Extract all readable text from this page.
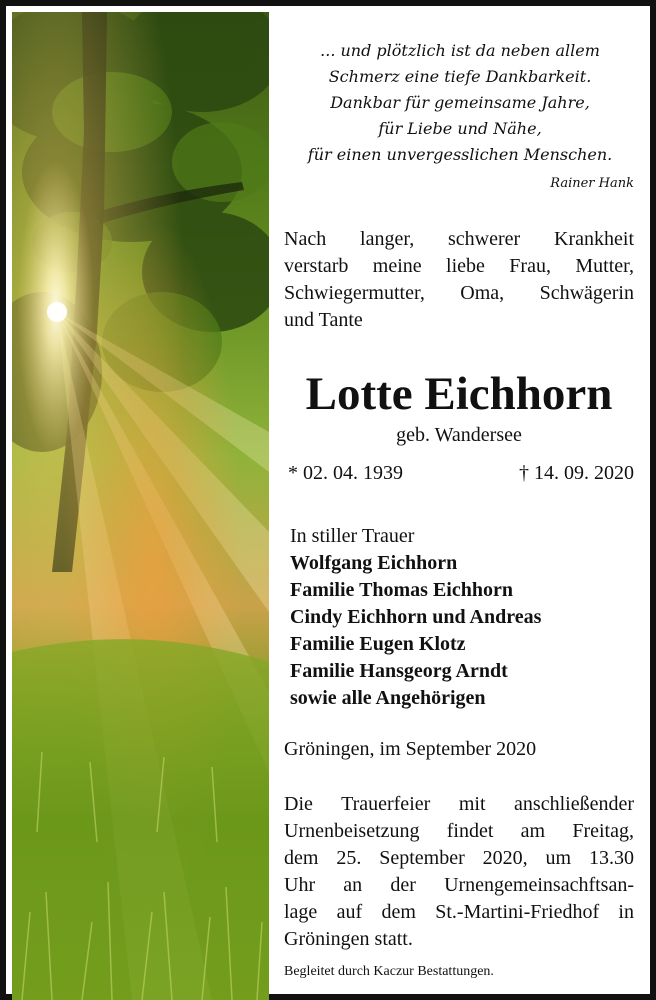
... und plötzlich ist da neben allem
Schmerz eine tiefe Dankbarkeit.
Dankbar für gemeinsame Jahre,
für Liebe und Nähe,
für einen unvergesslichen Menschen.
Rainer Hank
Nach langer, schwerer Krankheit
verstarb meine liebe Frau, Mutter,
Schwiegermutter, Oma, Schwägerin
und Tante
Lotte Eichhorn
geb. Wandersee
* 02. 04. 1939	† 14. 09. 2020
In stiller Trauer
Wolfgang Eichhorn
Familie Thomas Eichhorn
Cindy Eichhorn und Andreas
Familie Eugen Klotz
Familie Hansgeorg Arndt
sowie alle Angehörigen
Gröningen, im September 2020
Die Trauerfeier mit anschließender
Urnenbeisetzung findet am Freitag,
dem 25. September 2020, um 13.30
Uhr an der Urnengemeinsachftsan-
lage auf dem St.-Martini-Friedhof in
Gröningen statt.
Begleitet durch Kaczur Bestattungen.
